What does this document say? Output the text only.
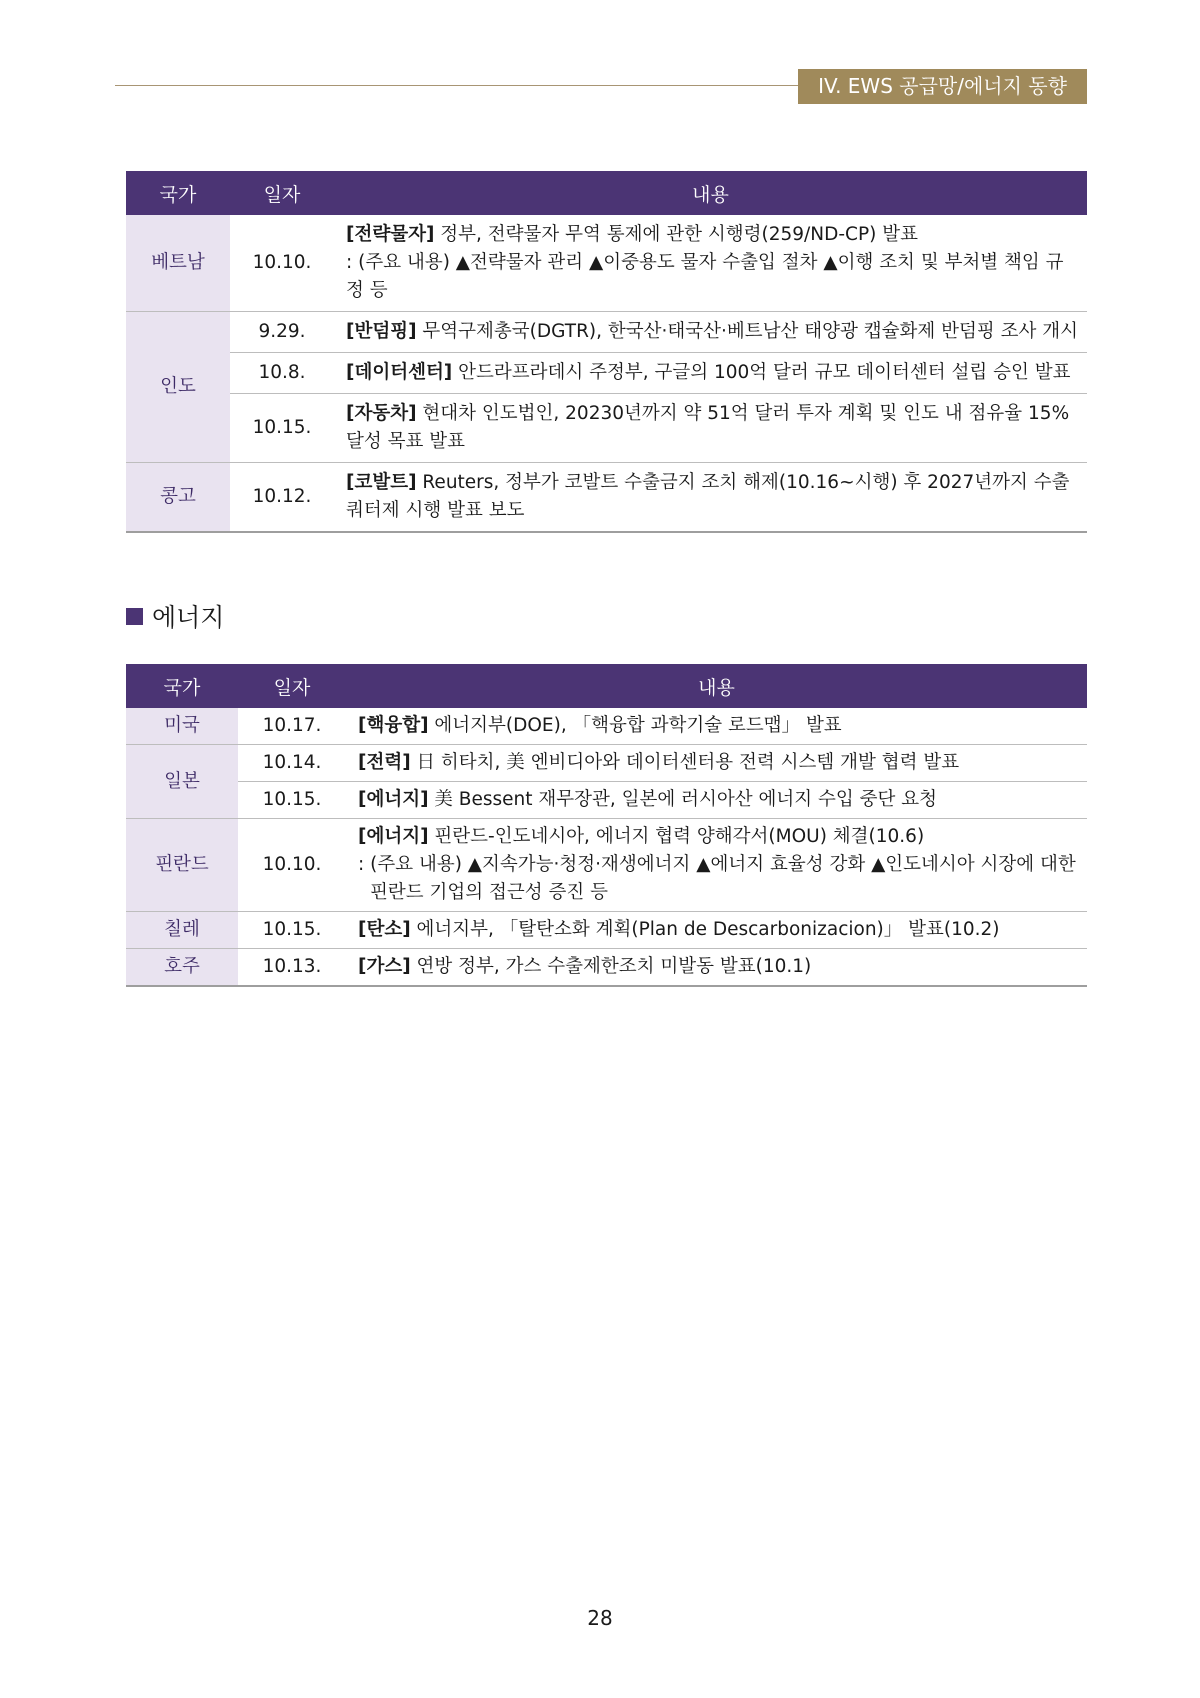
IV. EWS 공급망/에너지 동향
국가	일자	내용
베트남	10.10.	[전략물자] 정부, 전략물자 무역 통제에 관한 시행령(259/ND-CP) 발표
: (주요 내용) ▲전략물자 관리 ▲이중용도 물자 수출입 절차 ▲이행 조치 및 부처별 책임 규정 등

인도	9.29.	[반덤핑] 무역구제총국(DGTR), 한국산·태국산·베트남산 태양광 캡슐화제 반덤핑 조사 개시
	10.8.	[데이터센터] 안드라프라데시 주정부, 구글의 100억 달러 규모 데이터센터 설립 승인 발표
	10.15.	[자동차] 현대차 인도법인, 20230년까지 약 51억 달러 투자 계획 및 인도 내 점유율 15% 달성 목표 발표
콩고	10.12.	[코발트] Reuters, 정부가 코발트 수출금지 조치 해제(10.16~시행) 후 2027년까지 수출 쿼터제 시행 발표 보도
에너지
국가	일자	내용
미국	10.17.	[핵융합] 에너지부(DOE), 「핵융합 과학기술 로드맵」 발표
일본	10.14.	[전력] 日 히타치, 美 엔비디아와 데이터센터용 전력 시스템 개발 협력 발표
	10.15.	[에너지] 美 Bessent 재무장관, 일본에 러시아산 에너지 수입 중단 요청
핀란드	10.10.	[에너지] 핀란드-인도네시아, 에너지 협력 양해각서(MOU) 체결(10.6)
: (주요 내용) ▲지속가능·청정·재생에너지 ▲에너지 효율성 강화 ▲인도네시아 시장에 대한
핀란드 기업의 접근성 증진 등

칠레	10.15.	[탄소] 에너지부, 「탈탄소화 계획(Plan de Descarbonizacion)」 발표(10.2)
호주	10.13.	[가스] 연방 정부, 가스 수출제한조치 미발동 발표(10.1)
28
